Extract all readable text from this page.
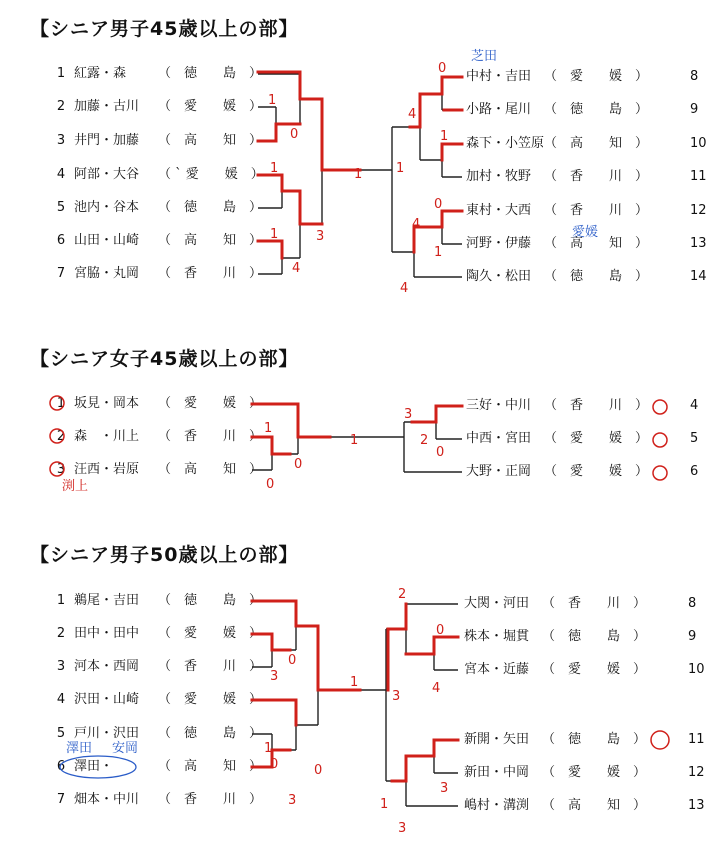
【シニア男子45歳以上の部】
【シニア女子45歳以上の部】
【シニア男子50歳以上の部】
1 紅露・森 （　徳　　島　）
2 加藤・古川 （　愛　　媛　）
3 井門・加藤 （　高　　知　）
4 阿部・大谷 （ ` 愛　　媛　）
5 池内・谷本 （　徳　　島　）
6 山田・山崎 （　高　　知　）
7 宮脇・丸岡 （　香　　川　）
中村・吉田 （　愛　　媛　）	8
小路・尾川 （　徳　　島　）	9
森下・小笠原 （　高　　知　）	10
加村・牧野 （　香　　川　）	11
東村・大西 （　香　　川　）	12
河野・伊藤 （　高　　知　）	13
陶久・松田 （　徳　　島　）	14
1 坂見・岡本 （　愛　　媛　）
2 森　・川上 （　香　　川　）
3 汪西・岩原 （　高　　知　）
三好・中川 （　香　　川　）	4
中西・宮田 （　愛　　媛　）	5
大野・正岡 （　愛　　媛　）	6
1 鵜尾・吉田 （　徳　　島　）
2 田中・田中 （　愛　　媛　）
3 河本・西岡 （　香　　川　）
4 沢田・山崎 （　愛　　媛　）
5 戸川・沢田 （　徳　　島　）
6 澤田・	（　高　　知　）
7 畑本・中川 （　香　　川　）
大関・河田 （　香　　川　）	8
株本・堀貫 （　徳　　島　）	9
宮本・近藤 （　愛　　媛　）	10
新開・矢田 （　徳　　島　）	11
新田・中岡 （　愛　　媛　）	12
嶋村・溝渕 （　高　　知　）	13
1
0
1
1	3
4
1
0
4
1
1
0
1
4
4
芝田
愛媛
1
0
0
1
3
2
0
渕上
0
3	1
1
0
3
0
3
2
0
4
1
3
3
澤田 安岡
